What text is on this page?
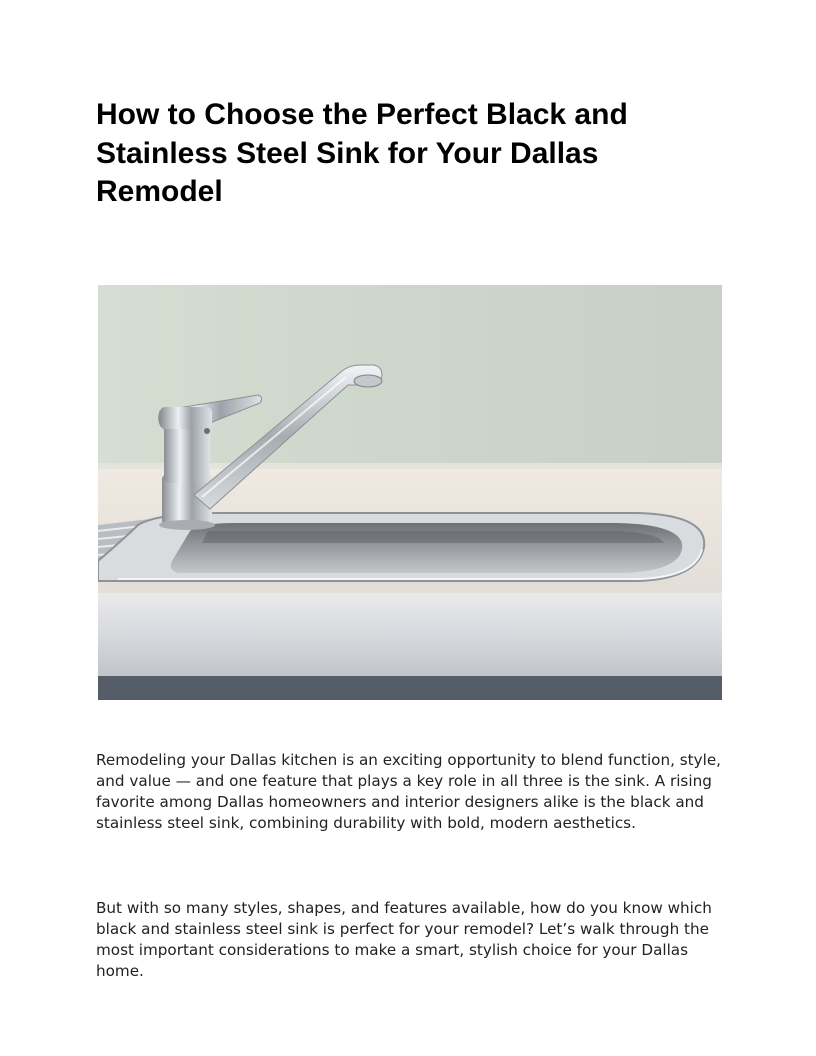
How to Choose the Perfect Black and Stainless Steel Sink for Your Dallas Remodel

Remodeling your Dallas kitchen is an exciting opportunity to blend function, style, and value — and one feature that plays a key role in all three is the sink. A rising favorite among Dallas homeowners and interior designers alike is the black and stainless steel sink, combining durability with bold, modern aesthetics.

But with so many styles, shapes, and features available, how do you know which black and stainless steel sink is perfect for your remodel? Let’s walk through the most important considerations to make a smart, stylish choice for your Dallas home.
